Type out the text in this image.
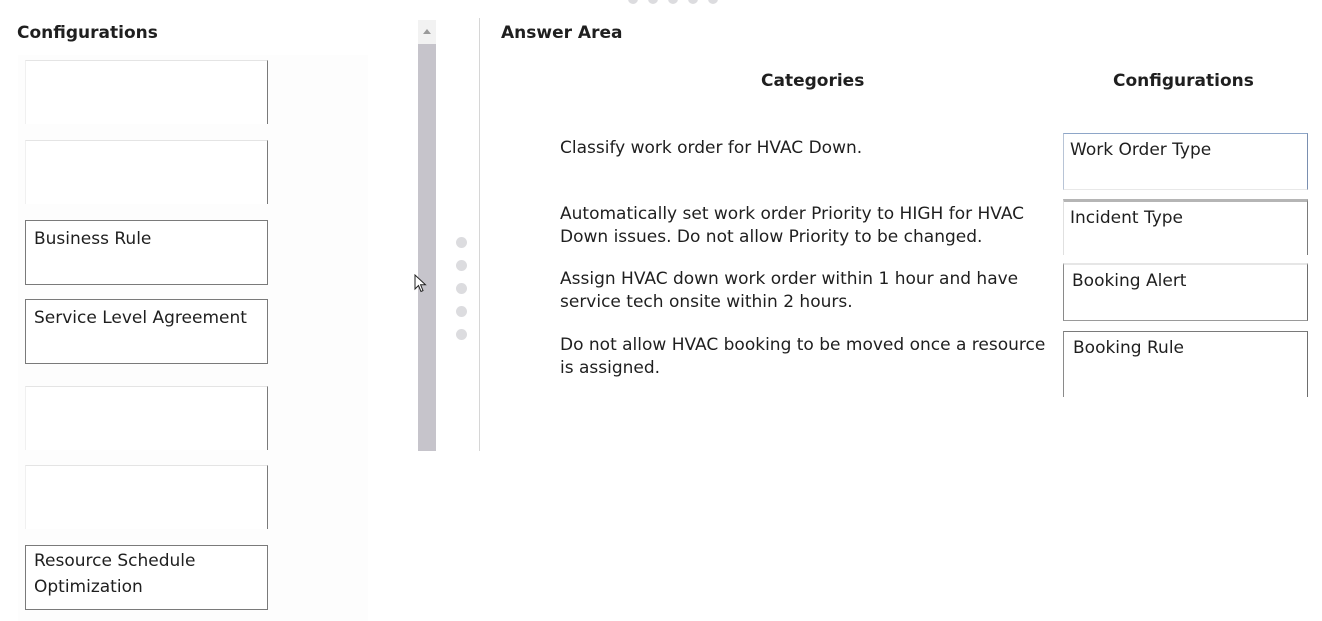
Configurations
Business Rule
Service Level Agreement
Resource Schedule Optimization
Answer Area
Categories	Configurations
Classify work order for HVAC Down.
Automatically set work order Priority to HIGH for HVAC Down issues. Do not allow Priority to be changed.
Assign HVAC down work order within 1 hour and have service tech onsite within 2 hours.
Do not allow HVAC booking to be moved once a resource is assigned.
Work Order Type
Incident Type
Booking Alert
Booking Rule
